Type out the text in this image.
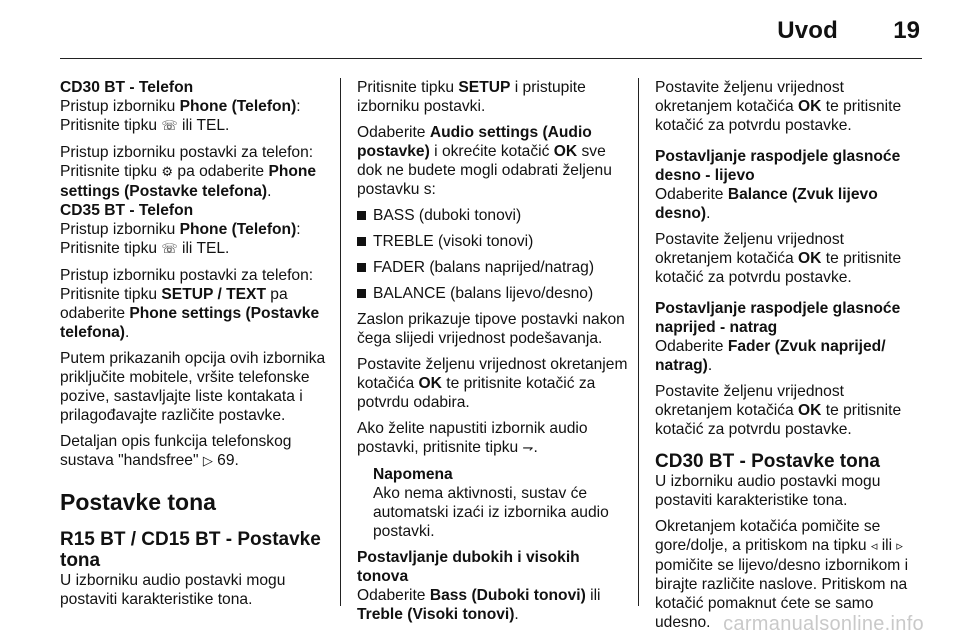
Uvod 19

CD30 BT - Telefon

Pristup izborniku Phone (Telefon):
Pritisnite tipku ☏ ili TEL.

Pristup izborniku postavki za telefon: Pritisnite tipku ⚙ pa odaberite Phone settings (Postavke telefona).

CD35 BT - Telefon

Pristup izborniku Phone (Telefon):
Pritisnite tipku ☏ ili TEL.

Pristup izborniku postavki za telefon: Pritisnite tipku SETUP / TEXT pa odaberite Phone settings (Postavke telefona).

Putem prikazanih opcija ovih izbornika priključite mobitele, vršite telefonske pozive, sastavljajte liste kontakata i prilagođavajte različite postavke.

Detaljan opis funkcija telefonskog sustava "handsfree" ▷ 69.

Postavke tona
R15 BT / CD15 BT - Postavke tona

U izborniku audio postavki mogu postaviti karakteristike tona.

Pritisnite tipku SETUP i pristupite izborniku postavki.

Odaberite Audio settings (Audio postavke) i okrećite kotačić OK sve dok ne budete mogli odabrati željenu postavku s:

BASS (duboki tonovi)
TREBLE (visoki tonovi)
FADER (balans naprijed/natrag)
BALANCE (balans lijevo/desno)

Zaslon prikazuje tipove postavki nakon čega slijedi vrijednost podešavanja.

Postavite željenu vrijednost okretanjem kotačića OK te pritisnite kotačić za potvrdu odabira.

Ako želite napustiti izbornik audio postavki, pritisnite tipku ⇁.

Napomena

Ako nema aktivnosti, sustav će automatski izaći iz izbornika audio postavki.

Postavljanje dubokih i visokih tonova

Odaberite Bass (Duboki tonovi) ili Treble (Visoki tonovi).

Postavite željenu vrijednost okretanjem kotačića OK te pritisnite kotačić za potvrdu postavke.

Postavljanje raspodjele glasnoće desno - lijevo

Odaberite Balance (Zvuk lijevo desno).

Postavite željenu vrijednost okretanjem kotačića OK te pritisnite kotačić za potvrdu postavke.

Postavljanje raspodjele glasnoće naprijed - natrag

Odaberite Fader (Zvuk naprijed/ natrag).

Postavite željenu vrijednost okretanjem kotačića OK te pritisnite kotačić za potvrdu postavke.

CD30 BT - Postavke tona

U izborniku audio postavki mogu postaviti karakteristike tona.

Okretanjem kotačića pomičite se gore/dolje, a pritiskom na tipku ◃ ili ▹ pomičite se lijevo/desno izbornikom i birajte različite naslove. Pritiskom na kotačić pomaknut ćete se samo udesno. carmanualsonline.info
